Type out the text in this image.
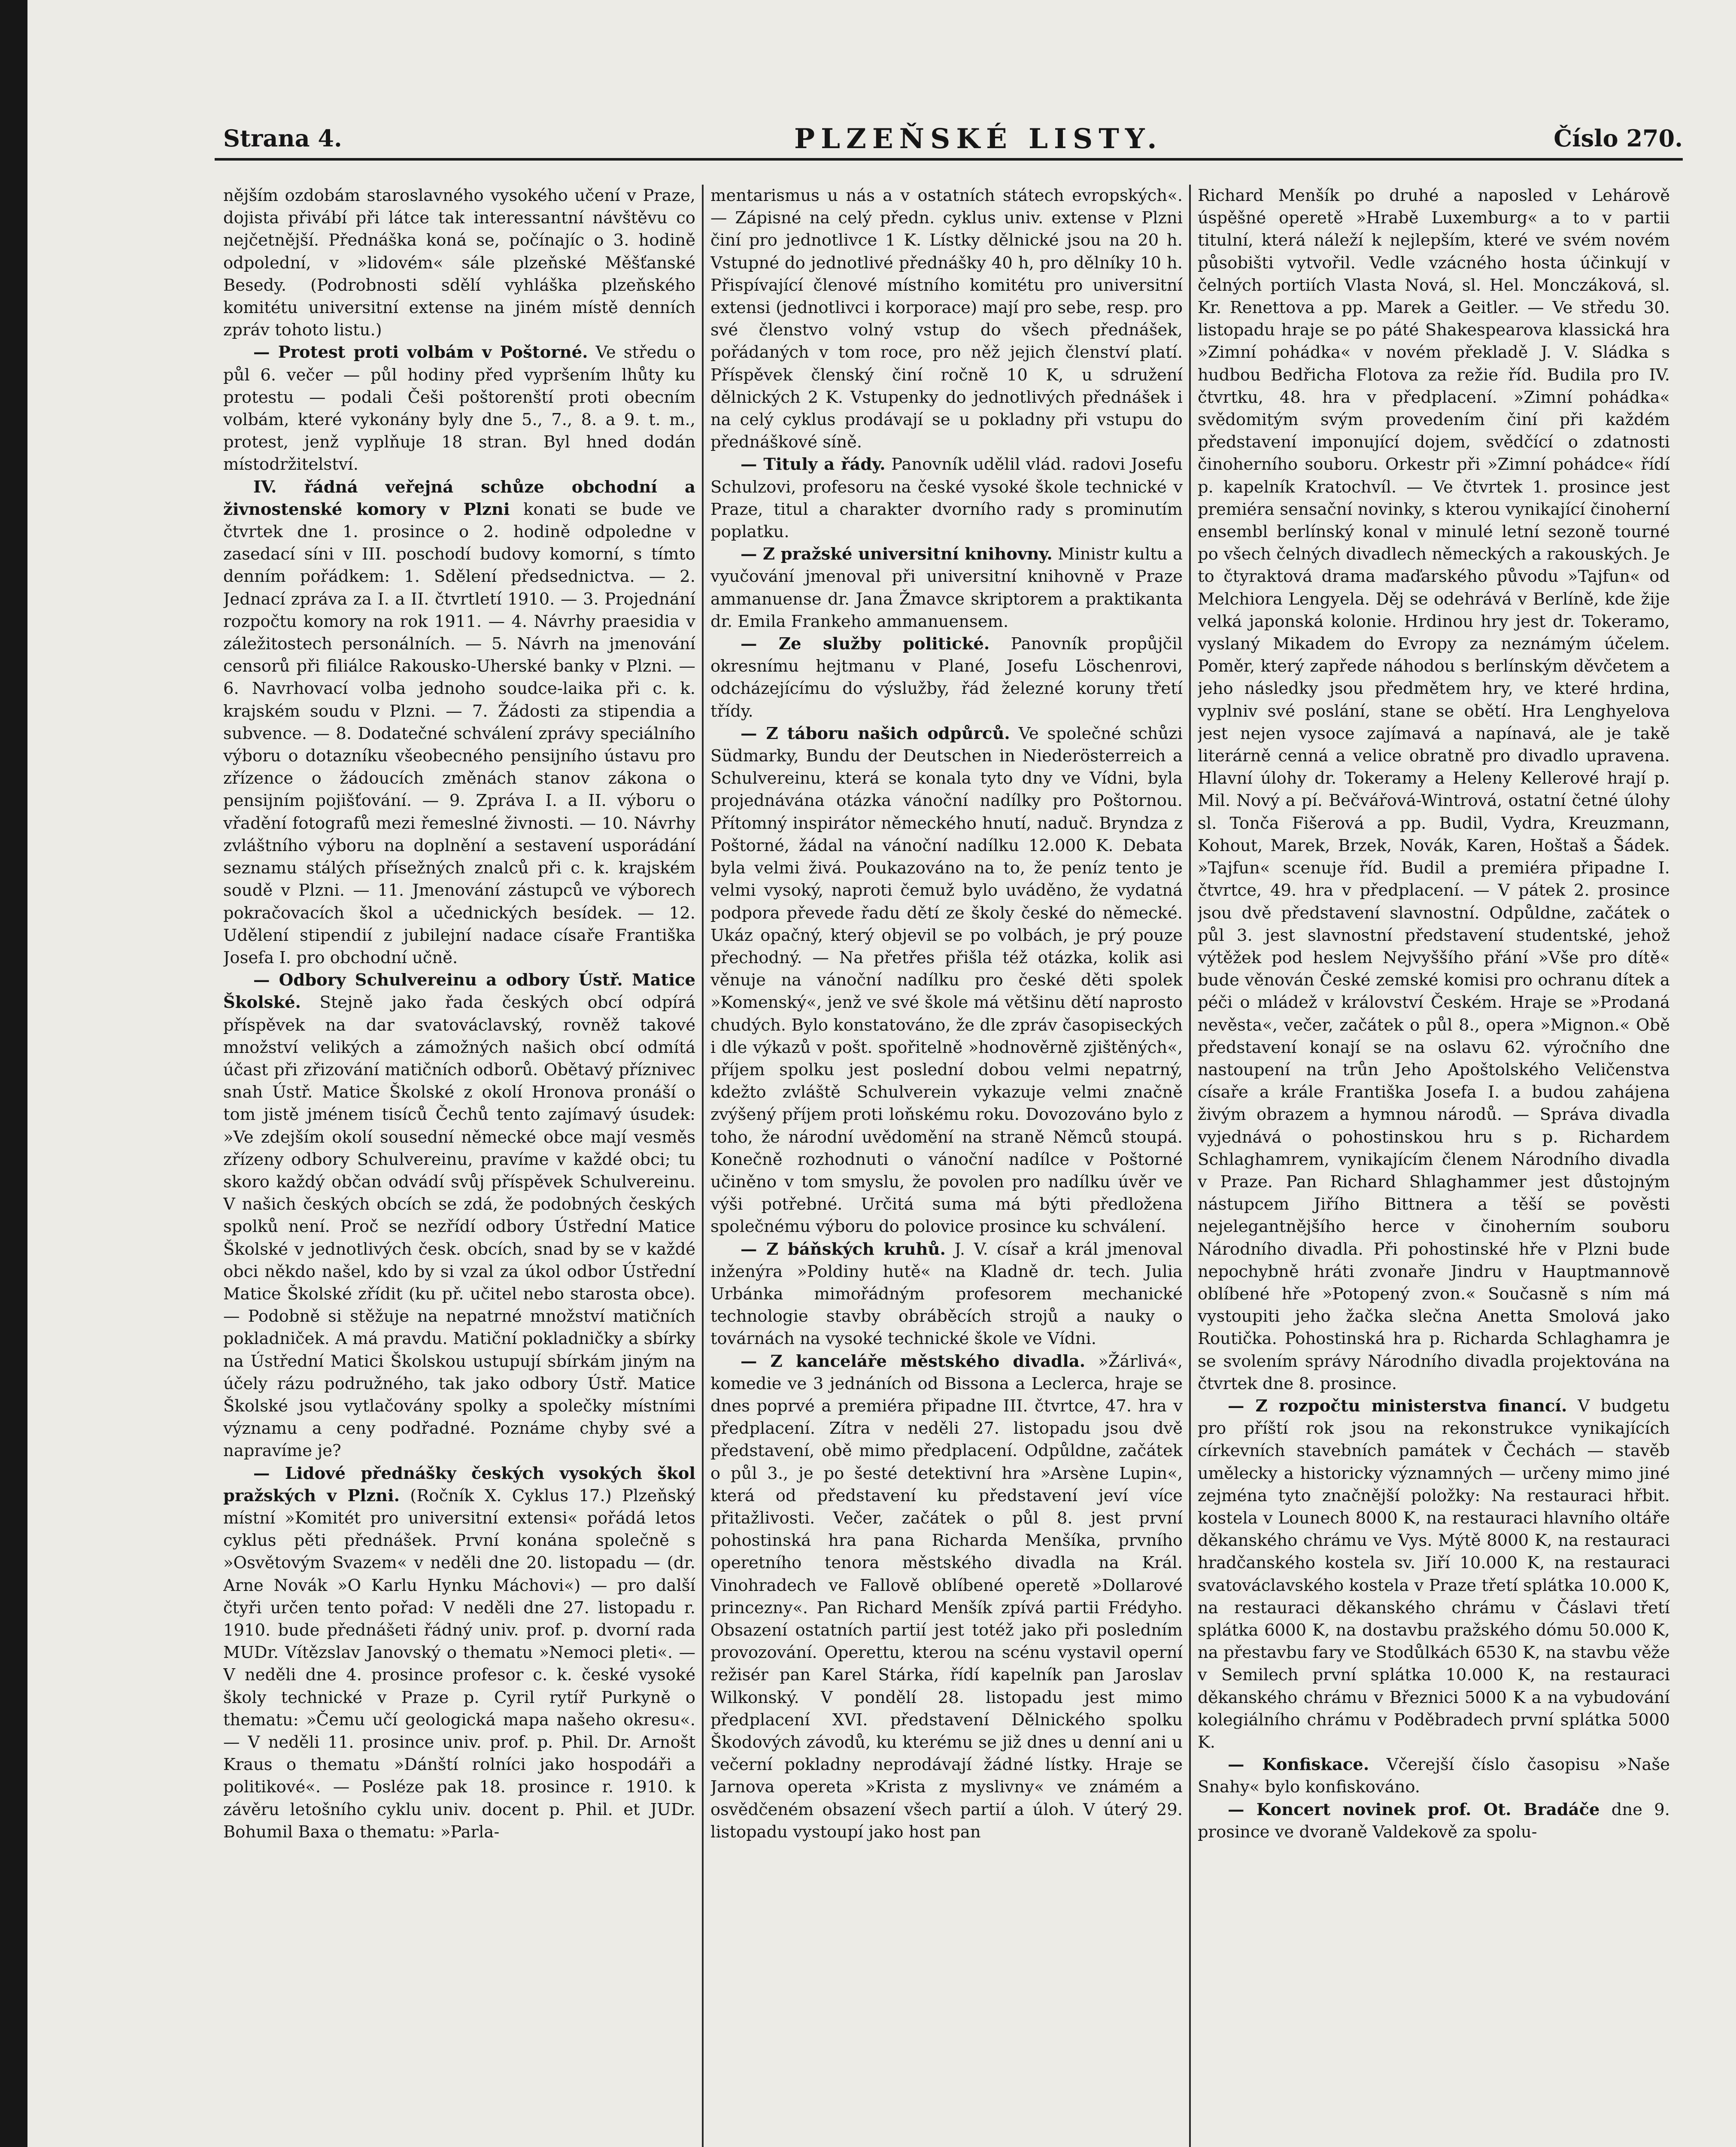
Strana 4.	PLZEŇSKÉ LISTY.	Číslo 270.

nějším ozdobám staroslavného vysokého učení v Praze, dojista přivábí při látce tak interessantní návštěvu co nejčetnější. Přednáška koná se, počínajíc o 3. hodině odpolední, v »lidovém« sále plzeňské Měšťanské Besedy. (Podrobnosti sdělí vyhláška plzeňského komitétu universitní extense na jiném místě denních zpráv tohoto listu.)

— Protest proti volbám v Poštorné. Ve středu o půl 6. večer — půl hodiny před vypršením lhůty ku protestu — podali Češi poštorenští proti obecním volbám, které vykonány byly dne 5., 7., 8. a 9. t. m., protest, jenž vyplňuje 18 stran. Byl hned dodán místodržitelství.

IV. řádná veřejná schůze obchodní a živnostenské komory v Plzni konati se bude ve čtvrtek dne 1. prosince o 2. hodině odpoledne v zasedací síni v III. poschodí budovy komorní, s tímto denním pořádkem: 1. Sdělení předsednictva. — 2. Jednací zpráva za I. a II. čtvrtletí 1910. — 3. Projednání rozpočtu komory na rok 1911. — 4. Návrhy praesidia v záležitostech personálních. — 5. Návrh na jmenování censorů při filiálce Rakousko-Uherské banky v Plzni. — 6. Navrhovací volba jednoho soudce-laika při c. k. krajském soudu v Plzni. — 7. Žádosti za stipendia a subvence. — 8. Dodatečné schválení zprávy speciálního výboru o dotazníku všeobecného pensijního ústavu pro zřízence o žádoucích změnách stanov zákona o pensijním pojišťování. — 9. Zpráva I. a II. výboru o vřadění fotografů mezi řemeslné živnosti. — 10. Návrhy zvláštního výboru na doplnění a sestavení usporádání seznamu stálých přísežných znalců při c. k. krajském soudě v Plzni. — 11. Jmenování zástupců ve výborech pokračovacích škol a učednických besídek. — 12. Udělení stipendií z jubilejní nadace císaře Františka Josefa I. pro obchodní učně.

— Odbory Schulvereinu a odbory Ústř. Matice Školské. Stejně jako řada českých obcí odpírá příspěvek na dar svatováclavský, rovněž takové množství velikých a zámožných našich obcí odmítá účast při zřizování matičních odborů. Obětavý příznivec snah Ústř. Matice Školské z okolí Hronova pronáší o tom jistě jménem tisíců Čechů tento zajímavý úsudek: »Ve zdejším okolí sousední německé obce mají vesměs zřízeny odbory Schulvereinu, pravíme v každé obci; tu skoro každý občan odvádí svůj příspěvek Schulvereinu. V našich českých obcích se zdá, že podobných českých spolků není. Proč se nezřídí odbory Ústřední Matice Školské v jednotlivých česk. obcích, snad by se v každé obci někdo našel, kdo by si vzal za úkol odbor Ústřední Matice Školské zřídit (ku př. učitel nebo starosta obce). — Podobně si stěžuje na nepatrné množství matičních pokladniček. A má pravdu. Matiční pokladničky a sbírky na Ústřední Matici Školskou ustupují sbírkám jiným na účely rázu podružného, tak jako odbory Ústř. Matice Školské jsou vytlačovány spolky a společky místními významu a ceny podřadné. Poznáme chyby své a napravíme je?

— Lidové přednášky českých vysokých škol pražských v Plzni. (Ročník X. Cyklus 17.) Plzeňský místní »Komitét pro universitní extensi« pořádá letos cyklus pěti přednášek. První konána společně s »Osvětovým Svazem« v neděli dne 20. listopadu — (dr. Arne Novák »O Karlu Hynku Máchovi«) — pro další čtyři určen tento pořad: V neděli dne 27. listopadu r. 1910. bude přednášeti řádný univ. prof. p. dvorní rada MUDr. Vítězslav Janovský o thematu »Nemoci pleti«. — V neděli dne 4. prosince profesor c. k. české vysoké školy technické v Praze p. Cyril rytíř Purkyně o thematu: »Čemu učí geologická mapa našeho okresu«. — V neděli 11. prosince univ. prof. p. Phil. Dr. Arnošt Kraus o thematu »Dánští rolníci jako hospodáři a politikové«. — Posléze pak 18. prosince r. 1910. k závěru letošního cyklu univ. docent p. Phil. et JUDr. Bohumil Baxa o thematu: »Parla-

mentarismus u nás a v ostatních státech evropských«. — Zápisné na celý předn. cyklus univ. extense v Plzni činí pro jednotlivce 1 K. Lístky dělnické jsou na 20 h. Vstupné do jednotlivé přednášky 40 h, pro dělníky 10 h. Přispívající členové místního komitétu pro universitní extensi (jednotlivci i korporace) mají pro sebe, resp. pro své členstvo volný vstup do všech přednášek, pořádaných v tom roce, pro něž jejich členství platí. Příspěvek členský činí ročně 10 K, u sdružení dělnických 2 K. Vstupenky do jednotlivých přednášek i na celý cyklus prodávají se u pokladny při vstupu do přednáškové síně.

— Tituly a řády. Panovník udělil vlád. radovi Josefu Schulzovi, profesoru na české vysoké škole technické v Praze, titul a charakter dvorního rady s prominutím poplatku.

— Z pražské universitní knihovny. Ministr kultu a vyučování jmenoval při universitní knihovně v Praze ammanuense dr. Jana Žmavce skriptorem a praktikanta dr. Emila Frankeho ammanuensem.

— Ze služby politické. Panovník propůjčil okresnímu hejtmanu v Plané, Josefu Löschenrovi, odcházejícímu do výslužby, řád železné koruny třetí třídy.

— Z táboru našich odpůrců. Ve společné schůzi Südmarky, Bundu der Deutschen in Niederösterreich a Schulvereinu, která se konala tyto dny ve Vídni, byla projednávána otázka vánoční nadílky pro Poštornou. Přítomný inspirátor německého hnutí, naduč. Bryndza z Poštorné, žádal na vánoční nadílku 12.000 K. Debata byla velmi živá. Poukazováno na to, že peníz tento je velmi vysoký, naproti čemuž bylo uváděno, že vydatná podpora převede řadu dětí ze školy české do německé. Ukáz opačný, který objevil se po volbách, je prý pouze přechodný. — Na přetřes přišla též otázka, kolik asi věnuje na vánoční nadílku pro české děti spolek »Komenský«, jenž ve své škole má většinu dětí naprosto chudých. Bylo konstatováno, že dle zpráv časopiseckých i dle výkazů v pošt. spořitelně »hodnověrně zjištěných«, příjem spolku jest poslední dobou velmi nepatrný, kdežto zvláště Schulverein vykazuje velmi značně zvýšený příjem proti loňskému roku. Dovozováno bylo z toho, že národní uvědomění na straně Němců stoupá. Konečně rozhodnuti o vánoční nadílce v Poštorné učiněno v tom smyslu, že povolen pro nadílku úvěr ve výši potřebné. Určitá suma má býti předložena společnému výboru do polovice prosince ku schválení.

— Z báňských kruhů. J. V. císař a král jmenoval inženýra »Poldiny hutě« na Kladně dr. tech. Julia Urbánka mimořádným profesorem mechanické technologie stavby obráběcích strojů a nauky o továrnách na vysoké technické škole ve Vídni.

— Z kanceláře městského divadla. »Žárlivá«, komedie ve 3 jednáních od Bissona a Leclerca, hraje se dnes poprvé a premiéra připadne III. čtvrtce, 47. hra v předplacení. Zítra v neděli 27. listopadu jsou dvě představení, obě mimo předplacení. Odpůldne, začátek o půl 3., je po šesté detektivní hra »Arsène Lupin«, která od představení ku představení jeví více přitažlivosti. Večer, začátek o půl 8. jest první pohostinská hra pana Richarda Menšíka, prvního operetního tenora městského divadla na Král. Vinohradech ve Fallově oblíbené operetě »Dollarové princezny«. Pan Richard Menšík zpívá partii Frédyho. Obsazení ostatních partií jest totéž jako při posledním provozování. Operettu, kterou na scénu vystavil operní režisér pan Karel Stárka, řídí kapelník pan Jaroslav Wilkonský. V pondělí 28. listopadu jest mimo předplacení XVI. představení Dělnického spolku Škodových závodů, ku kterému se již dnes u denní ani u večerní pokladny neprodávají žádné lístky. Hraje se Jarnova opereta »Krista z myslivny« ve známém a osvědčeném obsazení všech partií a úloh. V úterý 29. listopadu vystoupí jako host pan

Richard Menšík po druhé a naposled v Lehárově úspěšné operetě »Hrabě Luxemburg« a to v partii titulní, která náleží k nejlepším, které ve svém novém působišti vytvořil. Vedle vzácného hosta účinkují v čelných portiích Vlasta Nová, sl. Hel. Monczáková, sl. Kr. Renettova a pp. Marek a Geitler. — Ve středu 30. listopadu hraje se po páté Shakespearova klassická hra »Zimní pohádka« v novém překladě J. V. Sládka s hudbou Bedřicha Flotova za režie říd. Budila pro IV. čtvrtku, 48. hra v předplacení. »Zimní pohádka« svědomitým svým provedením činí při každém představení imponující dojem, svědčící o zdatnosti činoherního souboru. Orkestr při »Zimní pohádce« řídí p. kapelník Kratochvíl. — Ve čtvrtek 1. prosince jest premiéra sensační novinky, s kterou vynikající činoherní ensembl berlínský konal v minulé letní sezoně tourné po všech čelných divadlech německých a rakouských. Je to čtyraktová drama maďarského původu »Tajfun« od Melchiora Lengyela. Děj se odehrává v Berlíně, kde žije velká japonská kolonie. Hrdinou hry jest dr. Tokeramo, vyslaný Mikadem do Evropy za neznámým účelem. Poměr, který zapřede náhodou s berlínským děvčetem a jeho následky jsou předmětem hry, ve které hrdina, vyplniv své poslání, stane se obětí. Hra Lenghyelova jest nejen vysoce zajímavá a napínavá, ale je takě literárně cenná a velice obratně pro divadlo upravena. Hlavní úlohy dr. Tokeramy a Heleny Kellerové hrají p. Mil. Nový a pí. Bečvářová-Wintrová, ostatní četné úlohy sl. Tonča Fišerová a pp. Budil, Vydra, Kreuzmann, Kohout, Marek, Brzek, Novák, Karen, Hoštaš a Šádek. »Tajfun« scenuje říd. Budil a premiéra připadne I. čtvrtce, 49. hra v předplacení. — V pátek 2. prosince jsou dvě představení slavnostní. Odpůldne, začátek o půl 3. jest slavnostní představení studentské, jehož výtěžek pod heslem Nejvyššího přání »Vše pro dítě« bude věnován České zemské komisi pro ochranu dítek a péči o mládež v království Českém. Hraje se »Prodaná nevěsta«, večer, začátek o půl 8., opera »Mignon.« Obě představení konají se na oslavu 62. výročního dne nastoupení na trůn Jeho Apoštolského Veličenstva císaře a krále Františka Josefa I. a budou zahájena živým obrazem a hymnou národů. — Správa divadla vyjednává o pohostinskou hru s p. Richardem Schlaghamrem, vynikajícím členem Národního divadla v Praze. Pan Richard Shlaghammer jest důstojným nástupcem Jiřího Bittnera a těší se pověsti nejelegantnějšího herce v činoherním souboru Národního divadla. Při pohostinské hře v Plzni bude nepochybně hráti zvonaře Jindru v Hauptmannově oblíbené hře »Potopený zvon.« Současně s ním má vystoupiti jeho žačka slečna Anetta Smolová jako Routička. Pohostinská hra p. Richarda Schlaghamra je se svolením správy Národního divadla projektována na čtvrtek dne 8. prosince.

— Z rozpočtu ministerstva financí. V budgetu pro příští rok jsou na rekonstrukce vynikajících církevních stavebních památek v Čechách — stavěb umělecky a historicky významných — určeny mimo jiné zejména tyto značnější položky: Na restauraci hřbit. kostela v Lounech 8000 K, na restauraci hlavního oltáře děkanského chrámu ve Vys. Mýtě 8000 K, na restauraci hradčanského kostela sv. Jiří 10.000 K, na restauraci svatováclavského kostela v Praze třetí splátka 10.000 K, na restauraci děkanského chrámu v Čáslavi třetí splátka 6000 K, na dostavbu pražského dómu 50.000 K, na přestavbu fary ve Stodůlkách 6530 K, na stavbu věže v Semilech první splátka 10.000 K, na restauraci děkanského chrámu v Březnici 5000 K a na vybudování kolegiálního chrámu v Poděbradech první splátka 5000 K.

— Konfiskace. Včerejší číslo časopisu »Naše Snahy« bylo konfiskováno.

— Koncert novinek prof. Ot. Bradáče dne 9. prosince ve dvoraně Valdekově za spolu-
